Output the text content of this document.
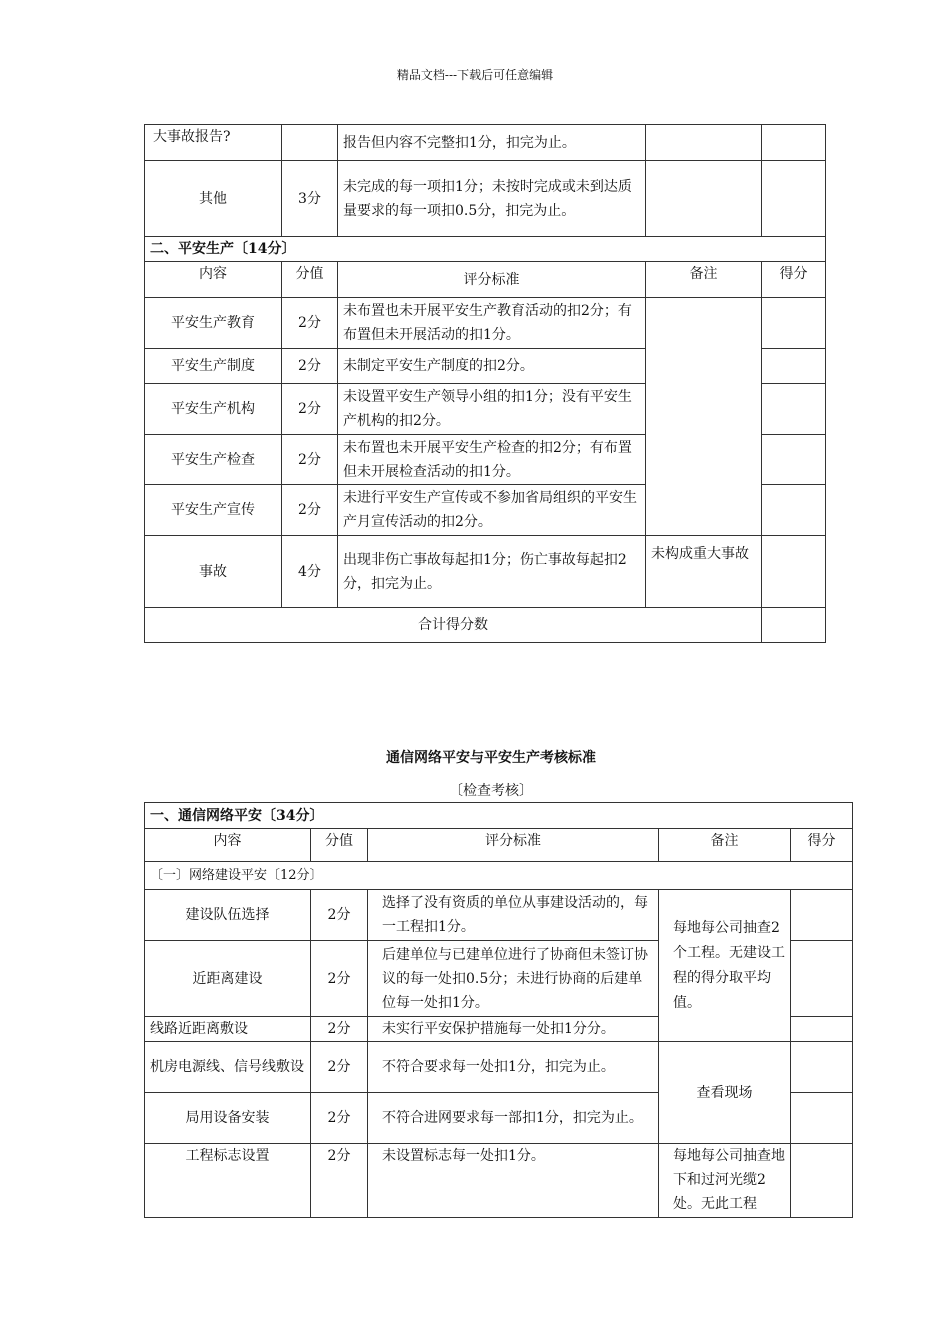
精品文档---下载后可任意编辑
大事故报告?		报告但内容不完整扣1分，扣完为止。		
其他	3分	未完成的每一项扣1分；未按时完成或未到达质量要求的每一项扣0.5分，扣完为止。		
二、平安生产〔14分〕				
内容	分值	评分标准	备注	得分
平安生产教育	2分	未布置也未开展平安生产教育活动的扣2分；有布置但未开展活动的扣1分。		
平安生产制度	2分	未制定平安生产制度的扣2分。		
平安生产机构	2分	未设置平安生产领导小组的扣1分；没有平安生产机构的扣2分。		
平安生产检查	2分	未布置也未开展平安生产检查的扣2分；有布置但未开展检查活动的扣1分。		
平安生产宣传	2分	未进行平安生产宣传或不参加省局组织的平安生产月宣传活动的扣2分。		
事故	4分	出现非伤亡事故每起扣1分；伤亡事故每起扣2分，扣完为止。	未构成重大事故	
合计得分数				
通信网络平安与平安生产考核标准
〔检查考核〕
一、通信网络平安〔34分〕				
内容	分值	评分标准	备注	得分
〔一〕网络建设平安〔12分〕				
建设队伍选择	2分	选择了没有资质的单位从事建设活动的，每一工程扣1分。	每地每公司抽查2个工程。无建设工程的得分取平均值。	
近距离建设	2分	后建单位与已建单位进行了协商但未签订协议的每一处扣0.5分；未进行协商的后建单位每一处扣1分。		
线路近距离敷设	2分	未实行平安保护措施每一处扣1分分。		
机房电源线、信号线敷设	2分	不符合要求每一处扣1分，扣完为止。	查看现场	
局用设备安装	2分	不符合进网要求每一部扣1分，扣完为止。		
工程标志设置	2分	未设置标志每一处扣1分。	每地每公司抽查地下和过河光缆2处。无此工程	
